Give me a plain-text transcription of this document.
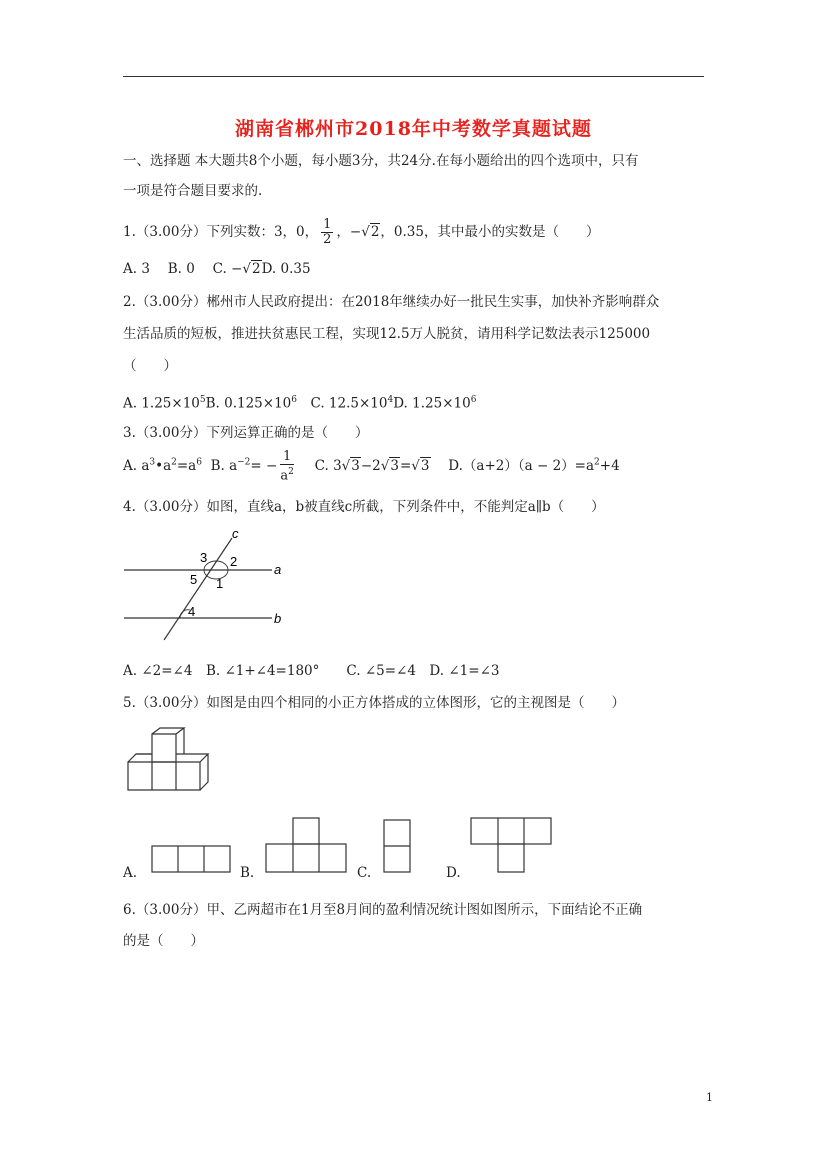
湖南省郴州市2018年中考数学真题试题
一、选择题 本大题共8个小题，每小题3分，共24分.在每小题给出的四个选项中，只有
一项是符合题目要求的.
1.（3.00分）下列实数：3，0， $\frac{1}{2}$ ，−√2，0.35，其中最小的实数是（　　）
A. 3　 B. 0　 C. −√2D. 0.35
2.（3.00分）郴州市人民政府提出：在2018年继续办好一批民生实事，加快补齐影响群众
生活品质的短板，推进扶贫惠民工程，实现12.5万人脱贫，请用科学记数法表示125000
（　　）
A. $1.25\times 10^5B$. $0.125\times 10^6$　 C. $12.5\times 10^4D$. $1.25\times 10^6$
3.（3.00分）下列运算正确的是（　　）
A. $a^3•a^2=a^6$ B. $a^{-2}= - \frac{1}{a^2}$
　 C. 3√3−2√3=√3　 $D.(a+2)(a - 2)=a^2+4$
4.（3.00分）如图，直线a，b被直线c所截，下列条件中，不能判定a∥b（　　）
c
a
b
2
3
1
5
4
A. ∠2=∠4　B. ∠1+∠4=180°　　C. ∠5=∠4　D. ∠1=∠3
5.（3.00分）如图是由四个相同的小正方体搭成的立体图形，它的主视图是（　　）
A.	B.	C.	D.
6.（3.00分）甲、乙两超市在1月至8月间的盈利情况统计图如图所示，下面结论不正确
的是（　　）
1
